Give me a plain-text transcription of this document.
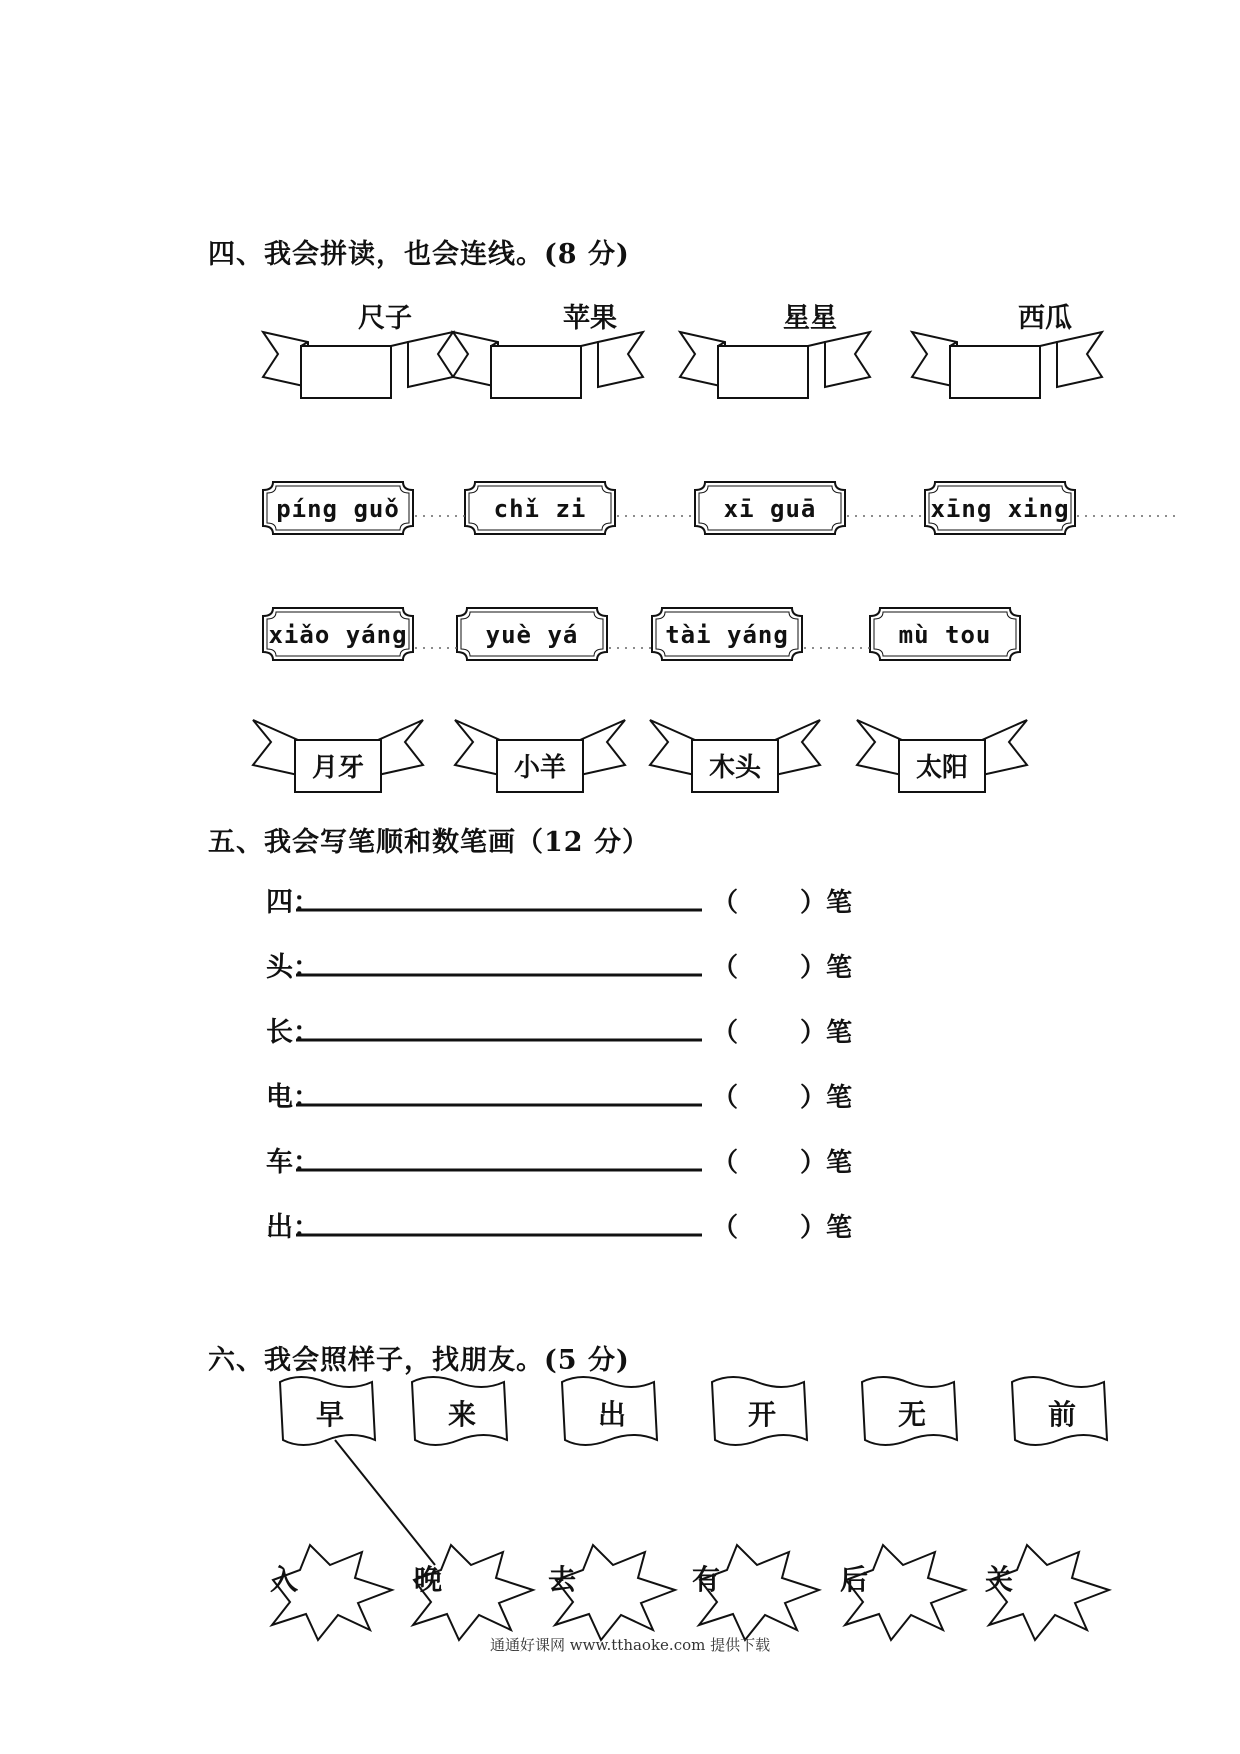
四、我会拼读，也会连线。(8 分)
尺子	苹果	星星	西瓜
píng guǒ	chǐ zi	xī guā	xīng xing
xiǎo yáng	yuè yá	tài yáng	mù tou
月牙	小羊	木头	太阳
五、我会写笔顺和数笔画（12 分）
四：	（ ）笔
头：	（ ）笔
长：	（ ）笔
电：	（ ）笔
车：	（ ）笔
出：	（ ）笔
六、我会照样子，找朋友。(5 分)
早	来	出	开	无	前
入	晚	去	有	后	关
通通好课网 www.tthaoke.com 提供下载
